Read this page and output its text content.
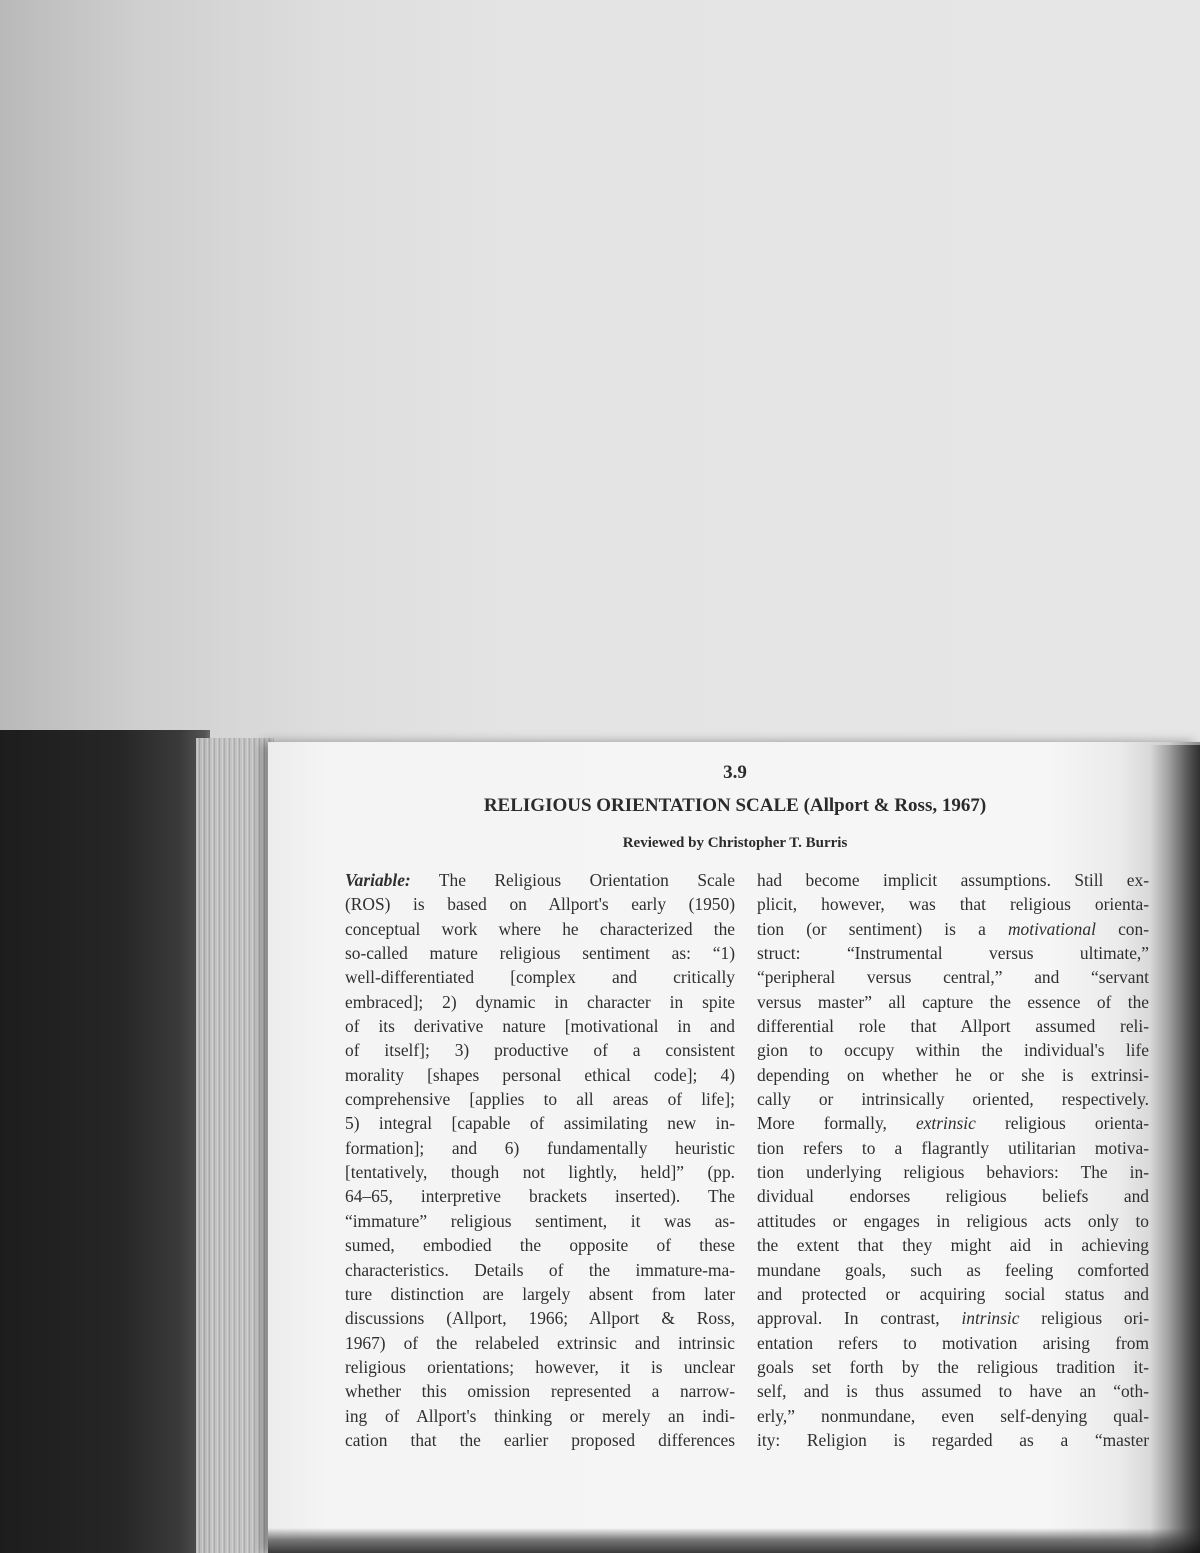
3.9
RELIGIOUS ORIENTATION SCALE (Allport & Ross, 1967)
Reviewed by Christopher T. Burris
Variable: The Religious Orientation Scale
(ROS) is based on Allport's early (1950)
conceptual work where he characterized the
so-called mature religious sentiment as: “1)
well-differentiated [complex and critically
embraced]; 2) dynamic in character in spite
of its derivative nature [motivational in and
of itself]; 3) productive of a consistent
morality [shapes personal ethical code]; 4)
comprehensive [applies to all areas of life];
5) integral [capable of assimilating new in-
formation]; and 6) fundamentally heuristic
[tentatively, though not lightly, held]” (pp.
64–65, interpretive brackets inserted). The
“immature” religious sentiment, it was as-
sumed, embodied the opposite of these
characteristics. Details of the immature-ma-
ture distinction are largely absent from later
discussions (Allport, 1966; Allport & Ross,
1967) of the relabeled extrinsic and intrinsic
religious orientations; however, it is unclear
whether this omission represented a narrow-
ing of Allport's thinking or merely an indi-
cation that the earlier proposed differences
had become implicit assumptions. Still ex-
plicit, however, was that religious orienta-
tion (or sentiment) is a motivational con-
struct: “Instrumental versus ultimate,”
“peripheral versus central,” and “servant
versus master” all capture the essence of the
differential role that Allport assumed reli-
gion to occupy within the individual's life
depending on whether he or she is extrinsi-
cally or intrinsically oriented, respectively.
More formally, extrinsic religious orienta-
tion refers to a flagrantly utilitarian motiva-
tion underlying religious behaviors: The in-
dividual endorses religious beliefs and
attitudes or engages in religious acts only to
the extent that they might aid in achieving
mundane goals, such as feeling comforted
and protected or acquiring social status and
approval. In contrast, intrinsic religious ori-
entation refers to motivation arising from
goals set forth by the religious tradition it-
self, and is thus assumed to have an “oth-
erly,” nonmundane, even self-denying qual-
ity: Religion is regarded as a “master
